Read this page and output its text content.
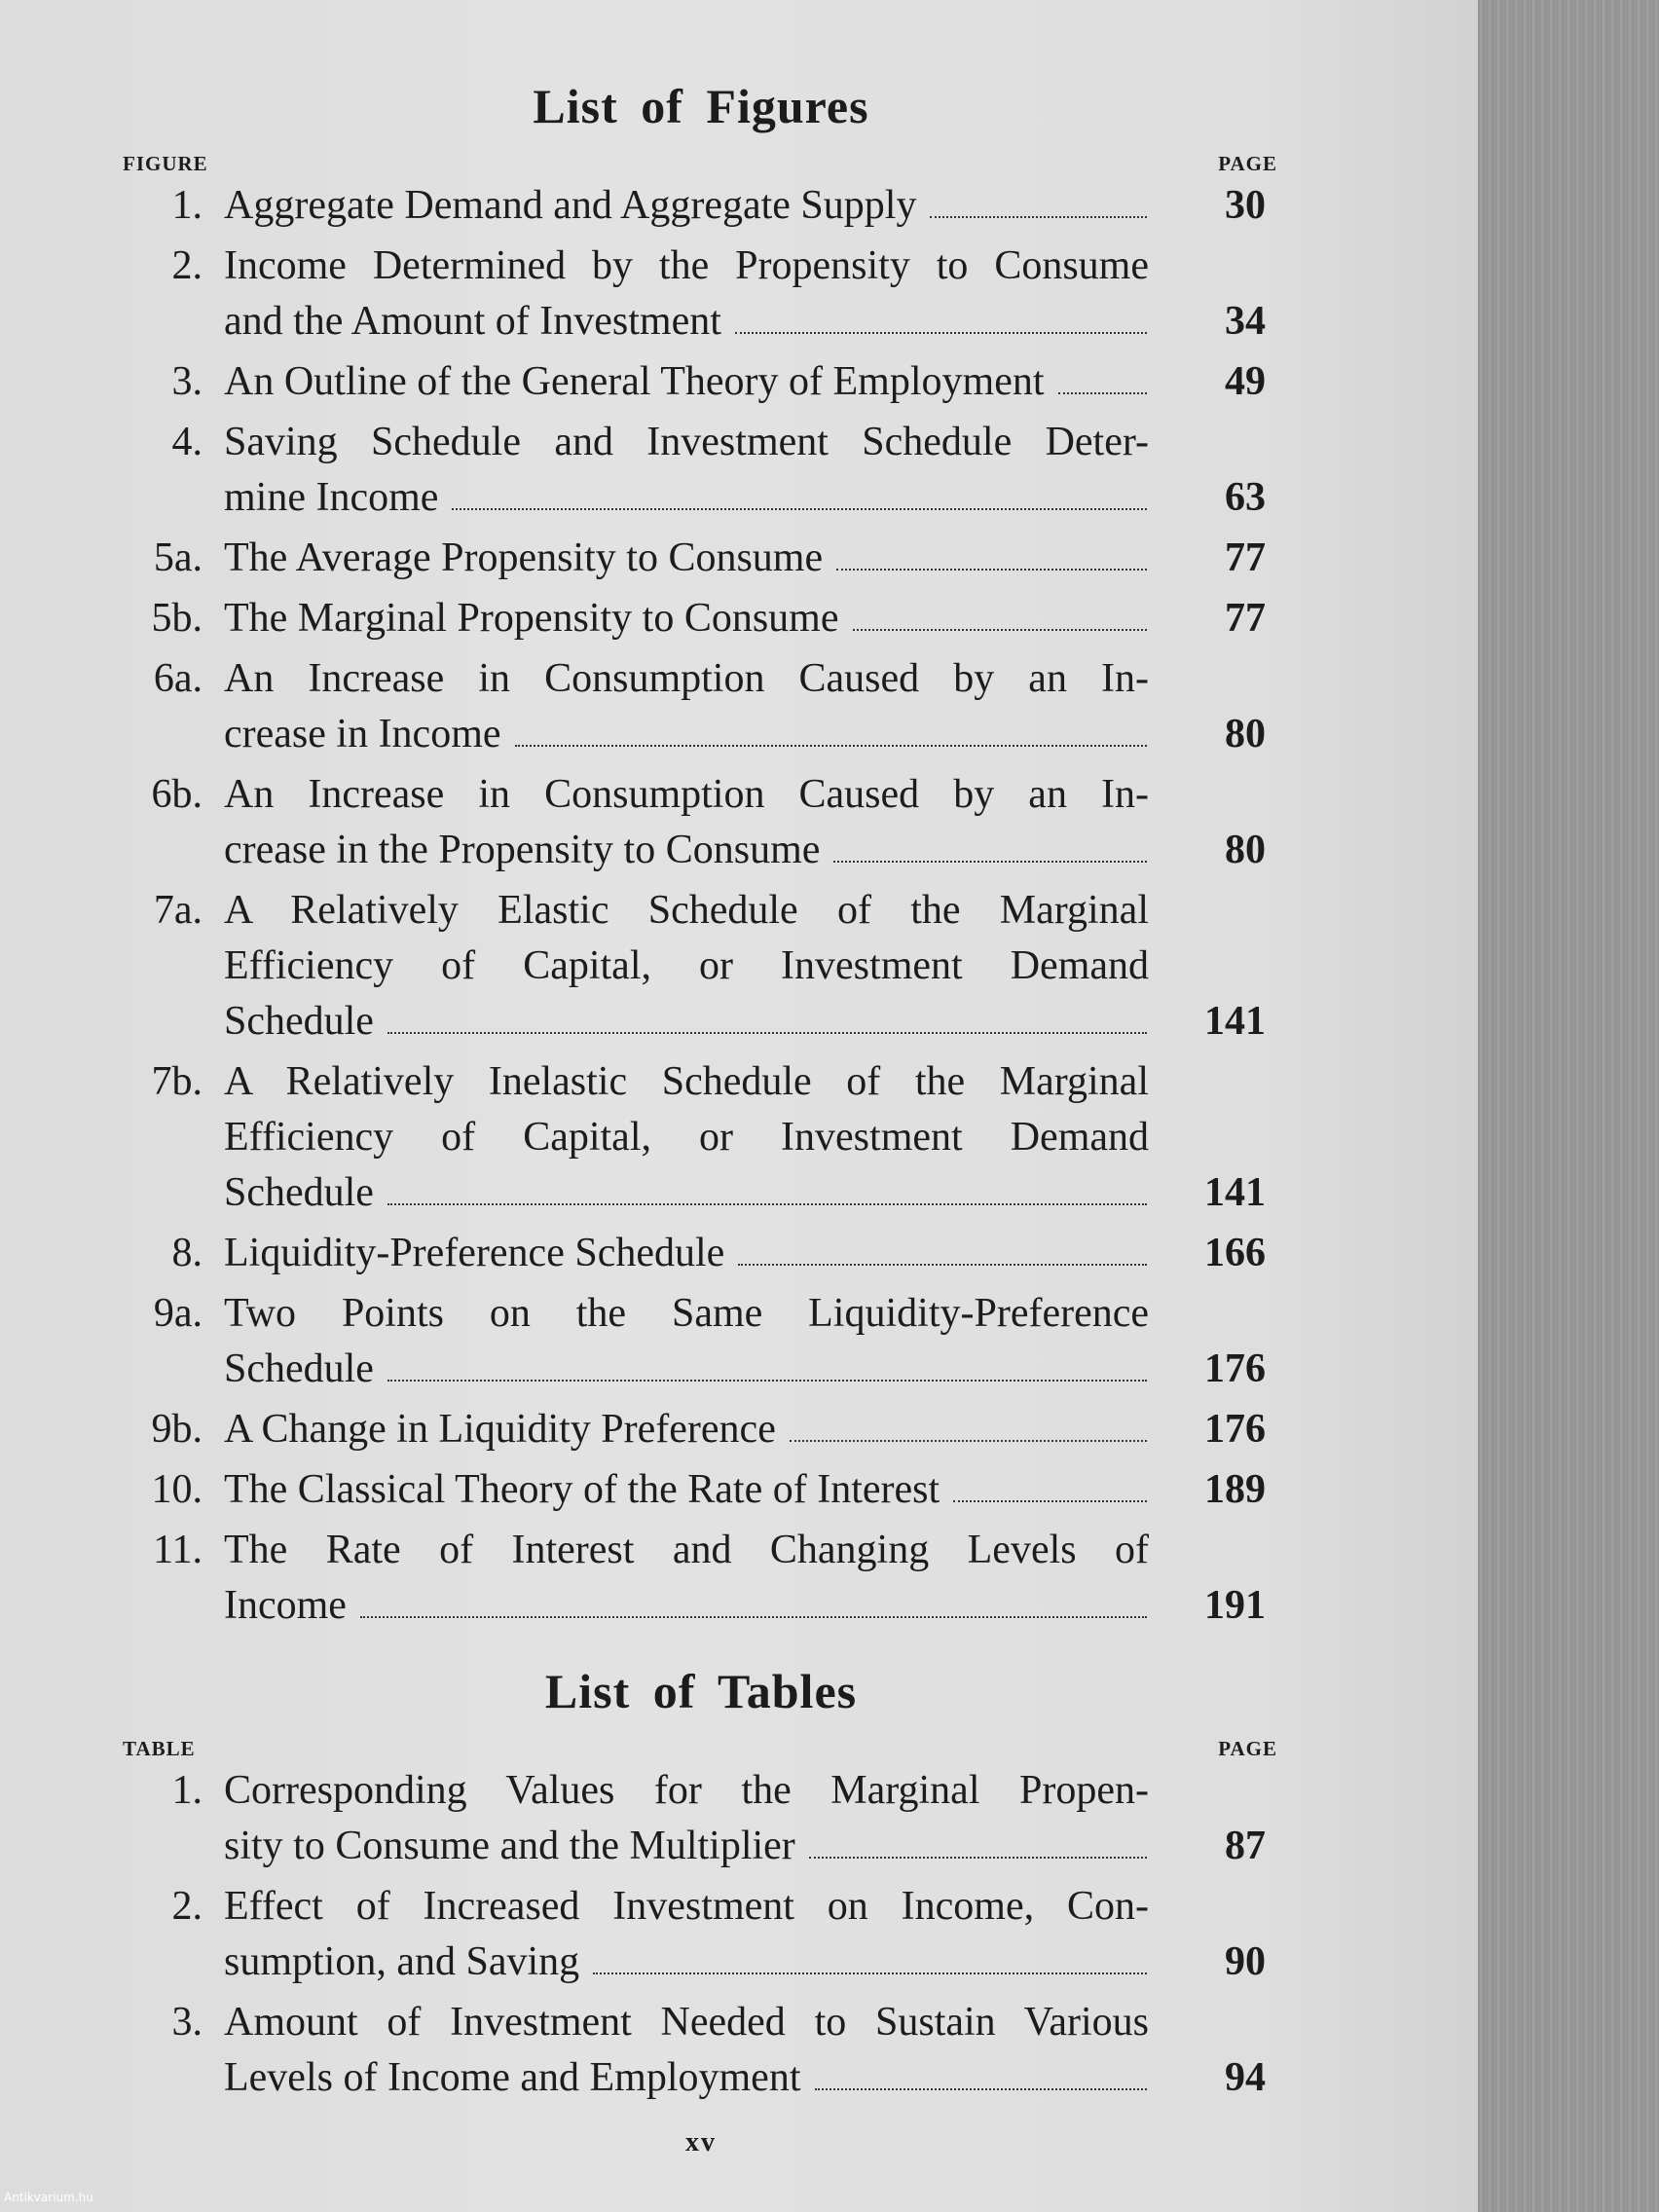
List of Figures
FIGURE	PAGE
1. Aggregate Demand and Aggregate Supply	30
2. Income Determined by the Propensity to Consume
and the Amount of Investment	34
3. An Outline of the General Theory of Employment	49
4. Saving Schedule and Investment Schedule Deter-
mine Income	63
5a. The Average Propensity to Consume	77
5b. The Marginal Propensity to Consume	77
6a. An Increase in Consumption Caused by an In-
crease in Income	80
6b. An Increase in Consumption Caused by an In-
crease in the Propensity to Consume	80
7a. A Relatively Elastic Schedule of the Marginal
Efficiency of Capital, or Investment Demand
Schedule	141
7b. A Relatively Inelastic Schedule of the Marginal
Efficiency of Capital, or Investment Demand
Schedule	141
8. Liquidity-Preference Schedule	166
9a. Two Points on the Same Liquidity-Preference
Schedule	176
9b. A Change in Liquidity Preference	176
10. The Classical Theory of the Rate of Interest	189
11. The Rate of Interest and Changing Levels of
Income	191
List of Tables
TABLE	PAGE
1. Corresponding Values for the Marginal Propen-
sity to Consume and the Multiplier	87
2. Effect of Increased Investment on Income, Con-
sumption, and Saving	90
3. Amount of Investment Needed to Sustain Various
Levels of Income and Employment	94
xv
Antikvarium.hu
